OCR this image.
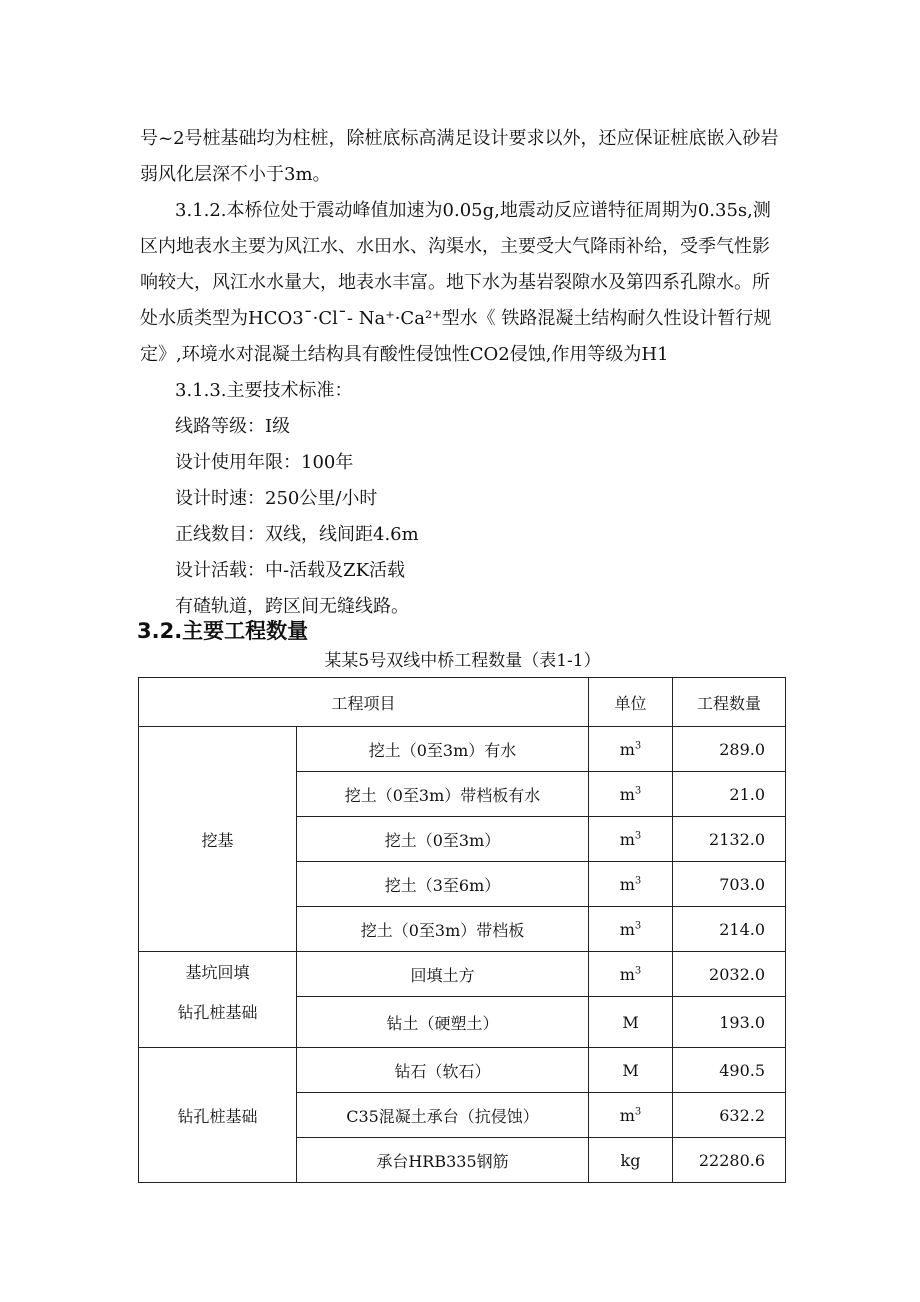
号~2号桩基础均为柱桩，除桩底标高满足设计要求以外，还应保证桩底嵌入砂岩

弱风化层深不小于3m。

3.1.2.本桥位处于震动峰值加速为0.05g,地震动反应谱特征周期为0.35s,测

区内地表水主要为风江水、水田水、沟渠水，主要受大气降雨补给，受季气性影

响较大，风江水水量大，地表水丰富。地下水为基岩裂隙水及第四系孔隙水。所

处水质类型为HCO3ˉ·Clˉ- Na⁺·Ca²⁺型水《 铁路混凝土结构耐久性设计暂行规

定》,环境水对混凝土结构具有酸性侵蚀性CO2侵蚀,作用等级为H1

3.1.3.主要技术标准：

线路等级：Ⅰ级

设计使用年限：100年

设计时速：250公里/小时

正线数目：双线，线间距4.6m

设计活载：中-活载及ZK活载

有碴轨道，跨区间无缝线路。

3.2.主要工程数量

某某5号双线中桥工程数量（表1-1）

工程项目		单位	工程数量
挖基	挖土（0至3m）有水	$m^3$	289.0
	挖土（0至3m）带档板有水	$m^3$	21.0
	挖土（0至3m）	$m^3$	2132.0
	挖土（3至6m）	$m^3$	703.0
	挖土（0至3m）带档板	$m^3$	214.0

基坑回填
钻孔桩基础	回填土方	$m^3$	2032.0
	钻土（硬塑土）	M	193.0
钻孔桩基础	钻石（软石）	M	490.5
	C35混凝土承台（抗侵蚀）	$m^3$	632.2
	承台HRB335钢筋	kg	22280.6
